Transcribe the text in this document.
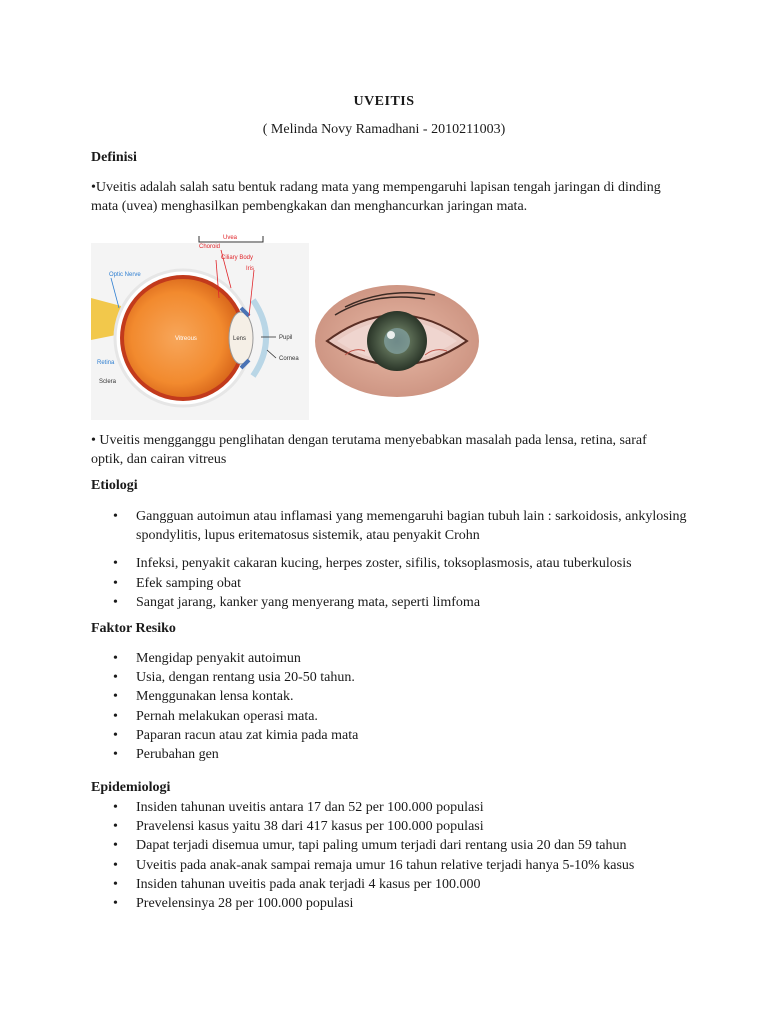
UVEITIS
( Melinda Novy Ramadhani - 2010211003)
Definisi
•Uveitis adalah salah satu bentuk radang mata yang mempengaruhi lapisan tengah jaringan di dinding mata (uvea) menghasilkan pembengkakan dan menghancurkan jaringan mata.
Uvea
Choroid
Ciliary Body
Iris
Optic Nerve
Vitreous	Lens	Pupil
Cornea
Retina
Sclera
• Uveitis mengganggu penglihatan dengan terutama menyebabkan masalah pada lensa, retina, saraf optik, dan cairan vitreus
Etiologi
• Gangguan autoimun atau inflamasi yang memengaruhi bagian tubuh lain : sarkoidosis, ankylosing spondylitis, lupus eritematosus sistemik, atau penyakit Crohn
• Infeksi, penyakit cakaran kucing, herpes zoster, sifilis, toksoplasmosis, atau tuberkulosis
• Efek samping obat
• Sangat jarang, kanker yang menyerang mata, seperti limfoma
Faktor Resiko
• Mengidap penyakit autoimun
• Usia, dengan rentang usia 20-50 tahun.
• Menggunakan lensa kontak.
• Pernah melakukan operasi mata.
• Paparan racun atau zat kimia pada mata
• Perubahan gen
Epidemiologi
• Insiden tahunan uveitis antara 17 dan 52 per 100.000 populasi
• Pravelensi kasus yaitu 38 dari 417 kasus per 100.000 populasi
• Dapat terjadi disemua umur, tapi paling umum terjadi dari rentang usia 20 dan 59 tahun
• Uveitis pada anak-anak sampai remaja umur 16 tahun relative terjadi hanya 5-10% kasus
• Insiden tahunan uveitis pada anak terjadi 4 kasus per 100.000
• Prevelensinya 28 per 100.000 populasi
